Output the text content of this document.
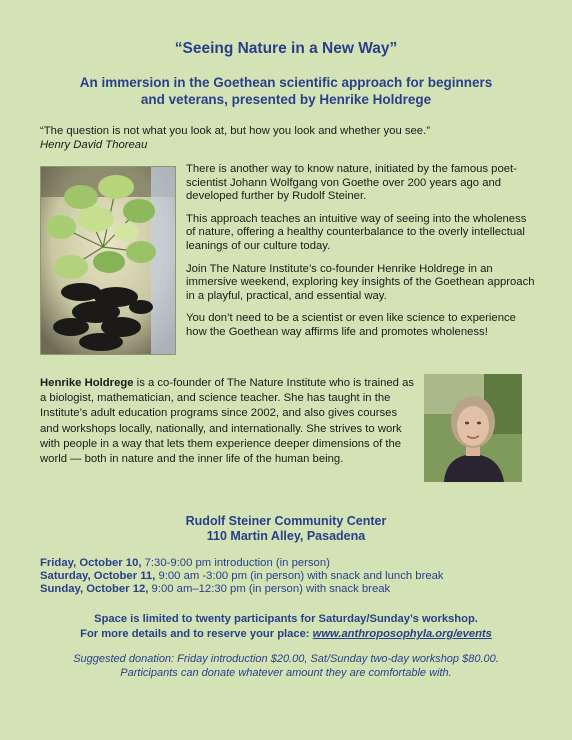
“Seeing Nature in a New Way”
An immersion in the Goethean scientific approach for beginners
and veterans, presented by Henrike Holdrege
“The question is not what you look at, but how you look and whether you see.”
Henry David Thoreau

There is another way to know nature, initiated by the famous poet-scientist Johann Wolfgang von Goethe over 200 years ago and developed further by Rudolf Steiner.

This approach teaches an intuitive way of seeing into the wholeness of nature, offering a healthy counterbalance to the overly intellectual leanings of our culture today.

Join The Nature Institute’s co-founder Henrike Holdrege in an immersive weekend, exploring key insights of the Goethean approach in a playful, practical, and essential way.

You don’t need to be a scientist or even like science to experience how the Goethean way affirms life and promotes wholeness!

Henrike Holdrege is a co-founder of The Nature Institute who is trained as a biologist, mathematician, and science teacher. She has taught in the Institute’s adult education programs since 2002, and also gives courses and workshops locally, nationally, and internationally. She strives to work with people in a way that lets them experience deeper dimensions of the world — both in nature and the inner life of the human being.
Rudolf Steiner Community Center
110 Martin Alley, Pasadena
Friday, October 10, 7:30-9:00 pm introduction (in person)
Saturday, October 11, 9:00 am -3:00 pm (in person) with snack and lunch break
Sunday, October 12, 9:00 am–12:30 pm (in person) with snack break
Space is limited to twenty participants for Saturday/Sunday’s workshop.
For more details and to reserve your place: www.anthroposophyla.org/events
Suggested donation: Friday introduction $20.00, Sat/Sunday two-day workshop $80.00.
Participants can donate whatever amount they are comfortable with.
